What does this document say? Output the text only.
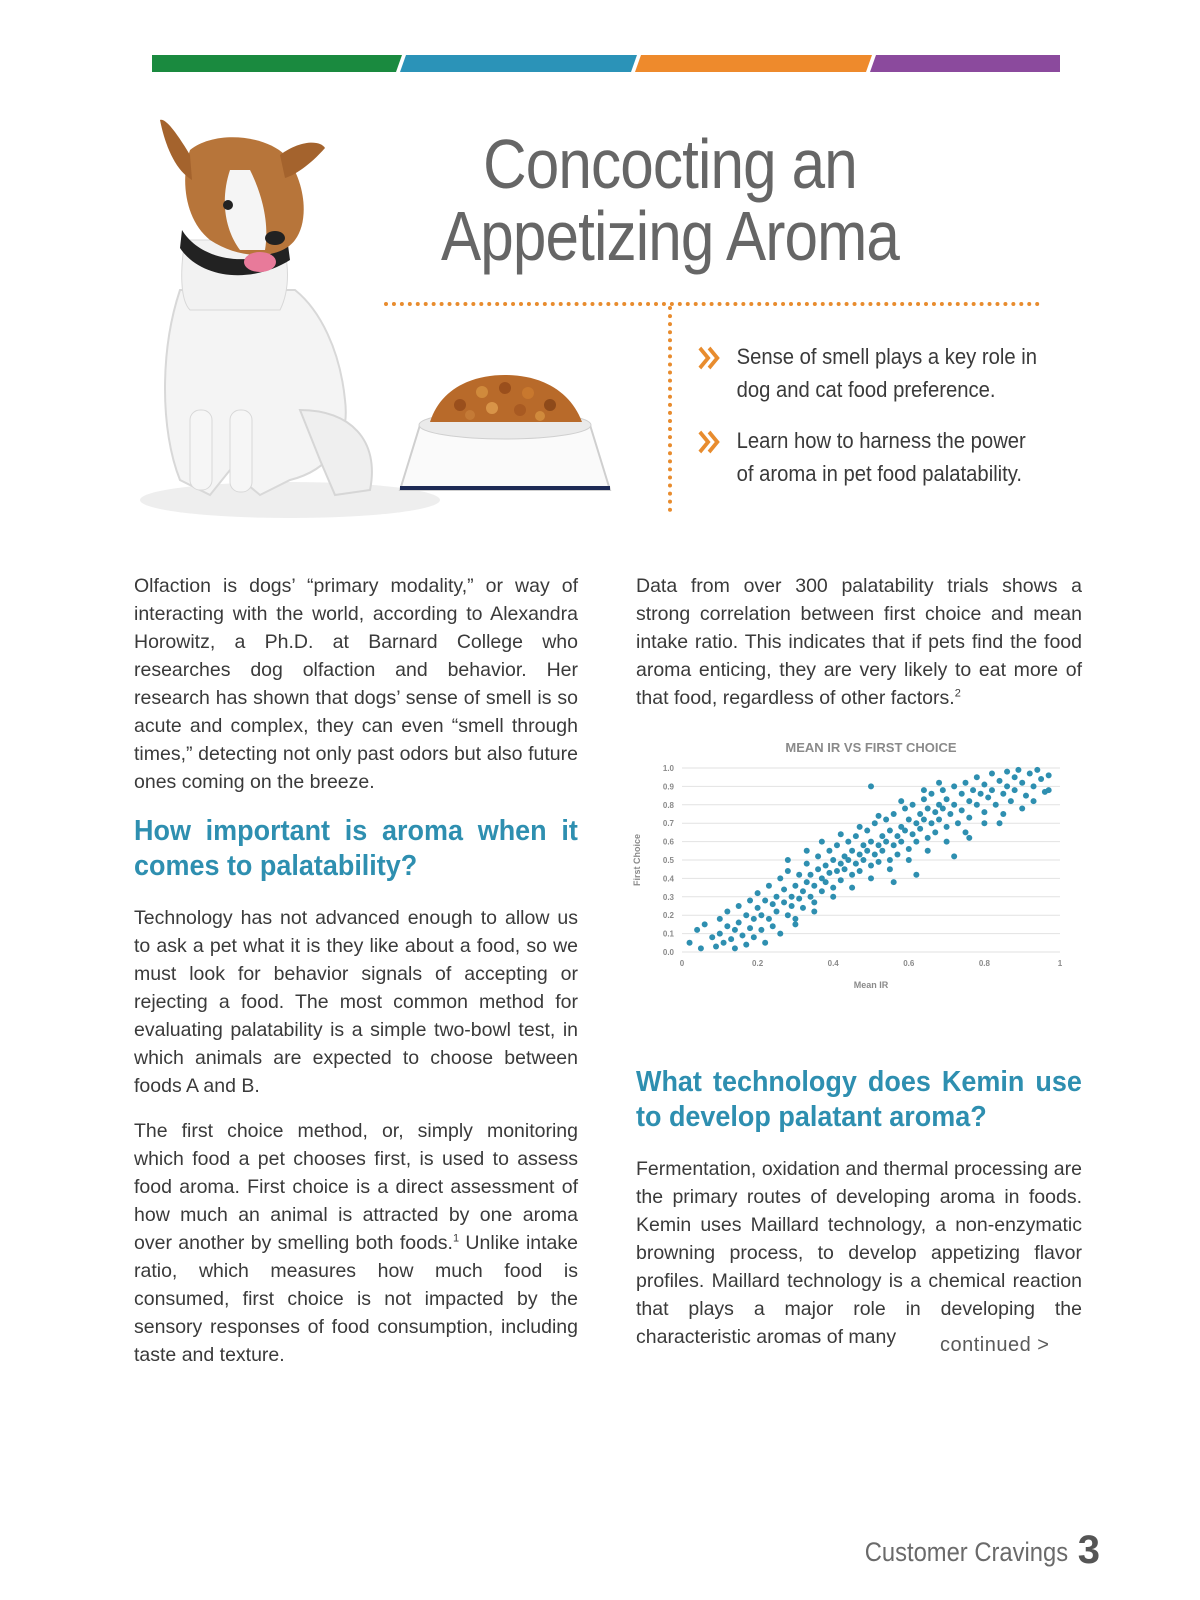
Concocting an
Appetizing Aroma
Sense of smell plays a key role in dog and cat food preference.
Learn how to harness the power of aroma in pet food palatability.

Olfaction is dogs’ “primary modality,” or way of interacting with the world, according to Alexandra Horowitz, a Ph.D. at Barnard College who researches dog olfaction and behavior. Her research has shown that dogs’ sense of smell is so acute and complex, they can even “smell through times,” detecting not only past odors but also future ones coming on the breeze.

How important is aroma when it comes to palatability?

Technology has not advanced enough to allow us to ask a pet what it is they like about a food, so we must look for behavior signals of accepting or rejecting a food. The most common method for evaluating palatability is a simple two-bowl test, in which animals are expected to choose between foods A and B.

The first choice method, or, simply monitoring which food a pet chooses first, is used to assess food aroma. First choice is a direct assessment of how much an animal is attracted by one aroma over another by smelling both foods.$^1$ Unlike intake ratio, which measures how much food is consumed, first choice is not impacted by the sensory responses of food consumption, including taste and texture.

Data from over 300 palatability trials shows a strong correlation between first choice and mean intake ratio. This indicates that if pets find the food aroma enticing, they are very likely to eat more of that food, regardless of other factors.$^2$

What technology does Kemin use to develop palatant aroma?

Fermentation, oxidation and thermal processing are the primary routes of developing aroma in foods. Kemin uses Maillard technology, a non-enzymatic browning process, to develop appetizing flavor profiles. Maillard technology is a chemical reaction that plays a major role in developing the characteristic aromas of many

MEAN IR VS FIRST CHOICE
0.0
0.1
0.2
0.3
0.4
0.5
0.6
0.7
0.8
0.9
1.0
0	0.2	0.4	0.6	0.8	1
Mean IR
First Choice
continued >
Customer Cravings 3
